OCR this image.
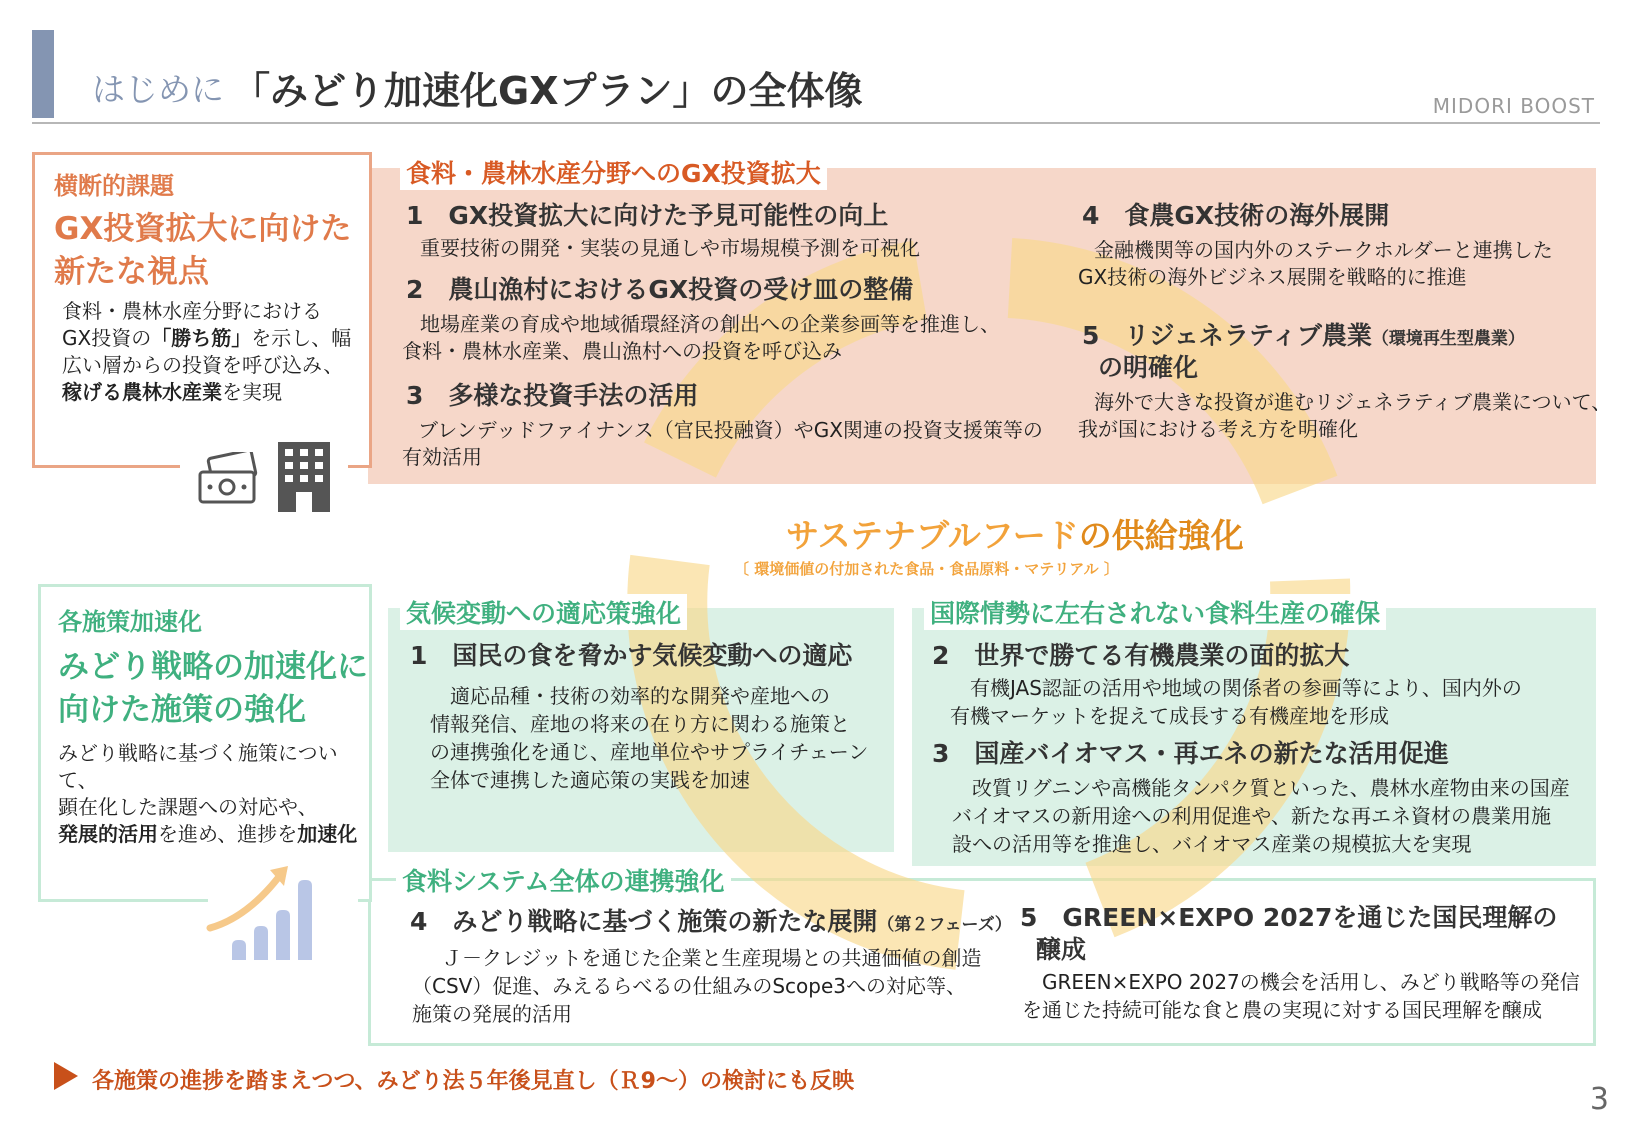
はじめに 「みどり加速化GXプラン」の全体像	MIDORI BOOST
横断的課題
GX投資拡大に向けた
新たな視点
食料・農林水産分野における
GX投資の「勝ち筋」を示し、幅
広い層からの投資を呼び込み、
稼げる農林水産業を実現
各施策加速化
みどり戦略の加速化に
向けた施策の強化
みどり戦略に基づく施策について、
顕在化した課題への対応や、
発展的活用を進め、進捗を加速化
食料・農林水産分野へのGX投資拡大
1　GX投資拡大に向けた予見可能性の向上
重要技術の開発・実装の見通しや市場規模予測を可視化
2　農山漁村におけるGX投資の受け皿の整備
地場産業の育成や地域循環経済の創出への企業参画等を推進し、
食料・農林水産業、農山漁村への投資を呼び込み
3　多様な投資手法の活用
ブレンデッドファイナンス（官民投融資）やGX関連の投資支援策等の
有効活用
4　食農GX技術の海外展開
金融機関等の国内外のステークホルダーと連携した
GX技術の海外ビジネス展開を戦略的に推進
5　リジェネラティブ農業（環境再生型農業）
の明確化
海外で大きな投資が進むリジェネラティブ農業について、
我が国における考え方を明確化
サステナブルフードの供給強化
〔 環境価値の付加された食品・食品原料・マテリアル 〕
気候変動への適応策強化
1　国民の食を脅かす気候変動への適応
適応品種・技術の効率的な開発や産地への
情報発信、産地の将来の在り方に関わる施策と
の連携強化を通じ、産地単位やサプライチェーン
全体で連携した適応策の実践を加速
国際情勢に左右されない食料生産の確保
2　世界で勝てる有機農業の面的拡大
有機JAS認証の活用や地域の関係者の参画等により、国内外の
有機マーケットを捉えて成長する有機産地を形成
3　国産バイオマス・再エネの新たな活用促進
改質リグニンや高機能タンパク質といった、農林水産物由来の国産
バイオマスの新用途への利用促進や、新たな再エネ資材の農業用施
設への活用等を推進し、バイオマス産業の規模拡大を実現
食料システム全体の連携強化
4　みどり戦略に基づく施策の新たな展開（第２フェーズ）
Ｊ－クレジットを通じた企業と生産現場との共通価値の創造
（CSV）促進、みえるらべるの仕組みのScope3への対応等、
施策の発展的活用
5　GREEN×EXPO 2027を通じた国民理解の
醸成
GREEN×EXPO 2027の機会を活用し、みどり戦略等の発信
を通じた持続可能な食と農の実現に対する国民理解を醸成
各施策の進捗を踏まえつつ、みどり法５年後見直し（Ｒ9～）の検討にも反映
3
